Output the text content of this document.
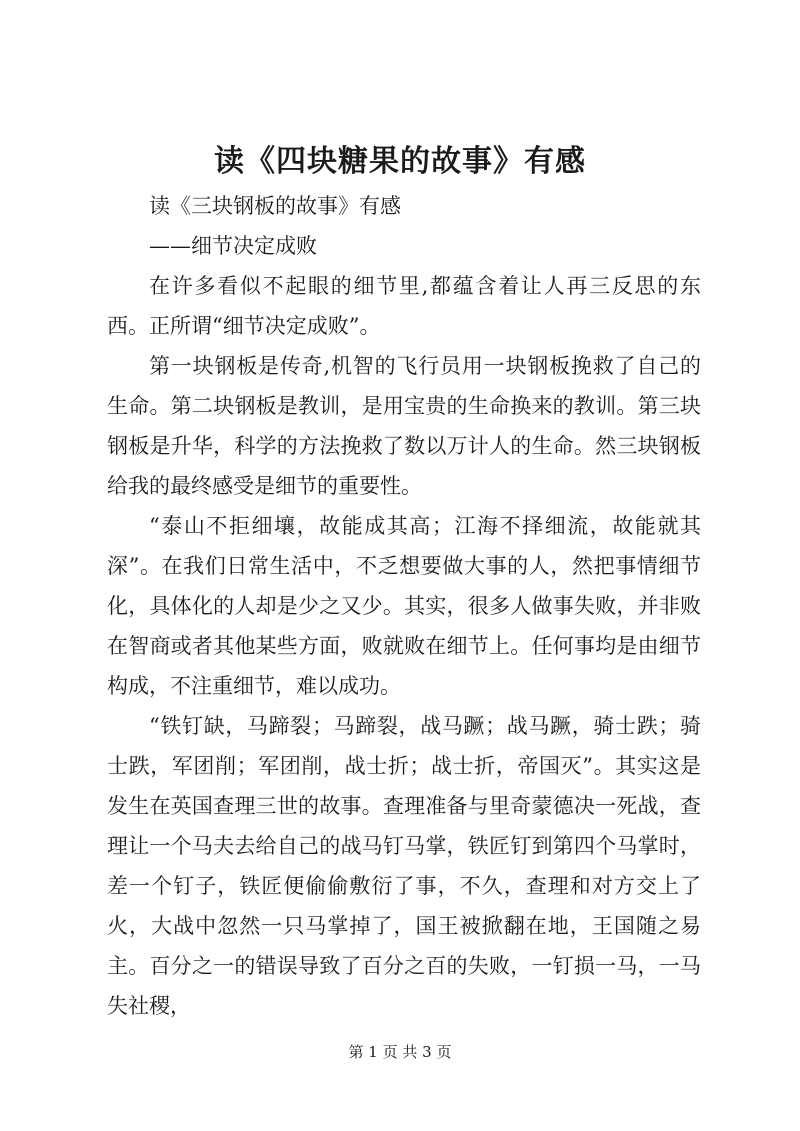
读《四块糖果的故事》有感

读《三块钢板的故事》有感

——细节决定成败

在许多看似不起眼的细节里,都蕴含着让人再三反思的东西。正所谓“细节决定成败”。

第一块钢板是传奇,机智的飞行员用一块钢板挽救了自己的生命。第二块钢板是教训，是用宝贵的生命换来的教训。第三块钢板是升华，科学的方法挽救了数以万计人的生命。然三块钢板给我的最终感受是细节的重要性。

“泰山不拒细壤，故能成其高；江海不择细流，故能就其深”。在我们日常生活中，不乏想要做大事的人，然把事情细节化，具体化的人却是少之又少。其实，很多人做事失败，并非败在智商或者其他某些方面，败就败在细节上。任何事均是由细节构成，不注重细节，难以成功。

“铁钉缺，马蹄裂；马蹄裂，战马蹶；战马蹶，骑士跌；骑士跌，军团削；军团削，战士折；战士折，帝国灭”。其实这是发生在英国查理三世的故事。查理准备与里奇蒙德决一死战，查理让一个马夫去给自己的战马钉马掌，铁匠钉到第四个马掌时，差一个钉子，铁匠便偷偷敷衍了事，不久，查理和对方交上了火，大战中忽然一只马掌掉了，国王被掀翻在地，王国随之易主。百分之一的错误导致了百分之百的失败，一钉损一马，一马失社稷，

第 1 页 共 3 页
